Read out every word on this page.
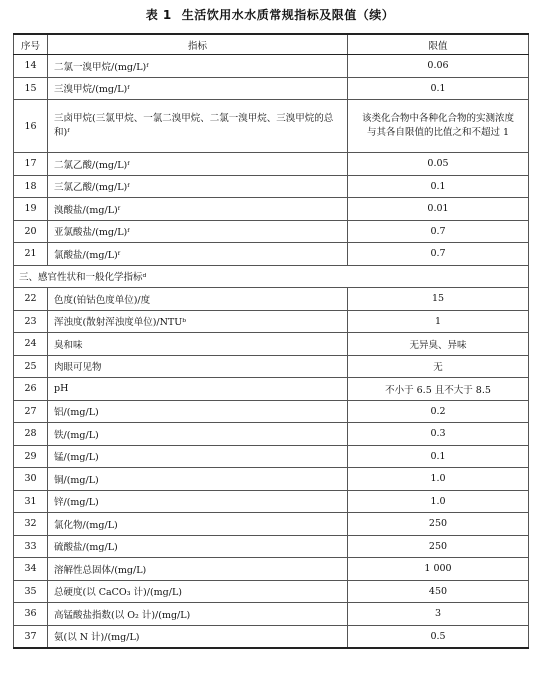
表 1 生活饮用水水质常规指标及限值（续）
序号	指标	限值
14	二氯一溴甲烷/(mg/L)ᶠ	0.06
15	三溴甲烷/(mg/L)ᶠ	0.1
16	三卤甲烷(三氯甲烷、一氯二溴甲烷、二氯一溴甲烷、三溴甲烷的总和)ᶠ	该类化合物中各种化合物的实测浓度与其各自限值的比值之和不超过 1
17	二氯乙酸/(mg/L)ᶠ	0.05
18	三氯乙酸/(mg/L)ᶠ	0.1
19	溴酸盐/(mg/L)ᶠ	0.01
20	亚氯酸盐/(mg/L)ᶠ	0.7
21	氯酸盐/(mg/L)ᶠ	0.7
三、感官性状和一般化学指标ᵈ		
22	色度(铂钴色度单位)/度	15
23	浑浊度(散射浑浊度单位)/NTUᵇ	1
24	臭和味	无异臭、异味
25	肉眼可见物	无
26	pH	不小于 6.5 且不大于 8.5
27	铝/(mg/L)	0.2
28	铁/(mg/L)	0.3
29	锰/(mg/L)	0.1
30	铜/(mg/L)	1.0
31	锌/(mg/L)	1.0
32	氯化物/(mg/L)	250
33	硫酸盐/(mg/L)	250
34	溶解性总固体/(mg/L)	1 000
35	总硬度(以 CaCO₃ 计)/(mg/L)	450
36	高锰酸盐指数(以 O₂ 计)/(mg/L)	3
37	氨(以 N 计)/(mg/L)	0.5
